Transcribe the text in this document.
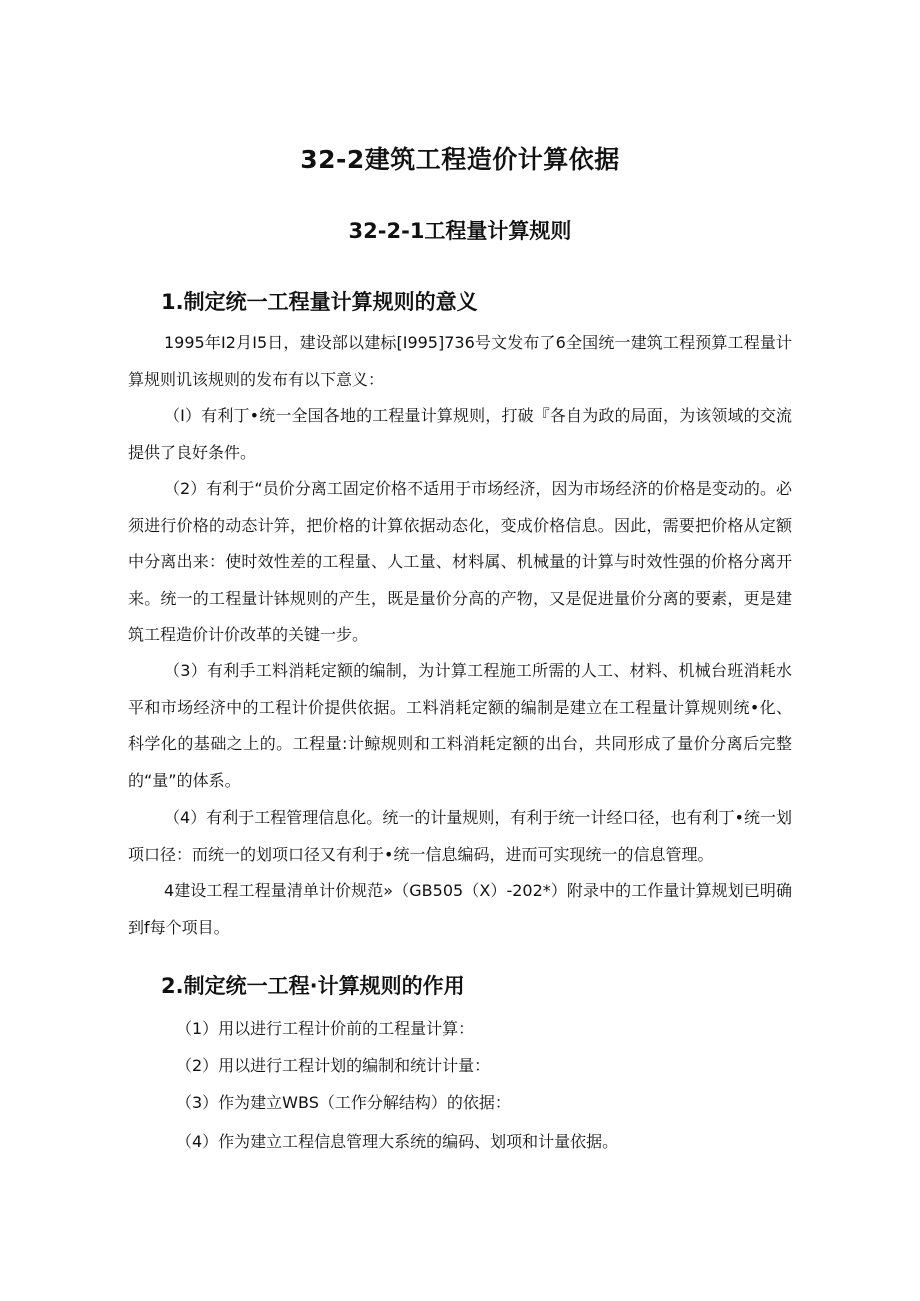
32-2建筑工程造价计算依据
32-2-1工程量计算规则
1.制定统一工程量计算规则的意义

1995年I2月I5日，建设部以建标[I995]736号文发布了6全国统一建筑工程预算工程量计算规则讥该规则的发布有以下意义：

（I）有利丁•统一全国各地的工程量计算规则，打破『各自为政的局面，为该领域的交流提供了良好条件。

（2）有利于“员价分离工固定价格不适用于市场经济，因为市场经济的价格是变动的。必须进行价格的动态计笄，把价格的计算依据动态化，变成价格信息。因此，需要把价格从定额中分离出来：使时效性差的工程量、人工量、材料属、机械量的计算与时效性强的价格分离开来。统一的工程量计钵规则的产生，既是量价分高的产物，又是促进量价分离的要素，更是建筑工程造价计价改革的关键一步。

（3）有利手工料消耗定额的编制，为计算工程施工所需的人工、材料、机械台班消耗水平和市场经济中的工程计价提供依据。工料消耗定额的编制是建立在工程量计算规则统•化、科学化的基础之上的。工程量:计鲸规则和工料消耗定额的出台，共同形成了量价分离后完整的“量”的体系。

（4）有利于工程管理信息化。统一的计量规则，有利于统一计经口径，也有利丁•统一划项口径：而统一的划项口径又有利于•统一信息编码，进而可实现统一的信息管理。

4建设工程工程量清单计价规范»（GB505（X）-202*）附录中的工作量计算规划已明确到f每个项目。

2.制定统一工程·计算规则的作用
（1）用以进行工程计价前的工程量计算：
（2）用以进行工程计划的编制和统计计量：
（3）作为建立WBS（工作分解结构）的依据：
（4）作为建立工程信息管理大系统的编码、划项和计量依据。
